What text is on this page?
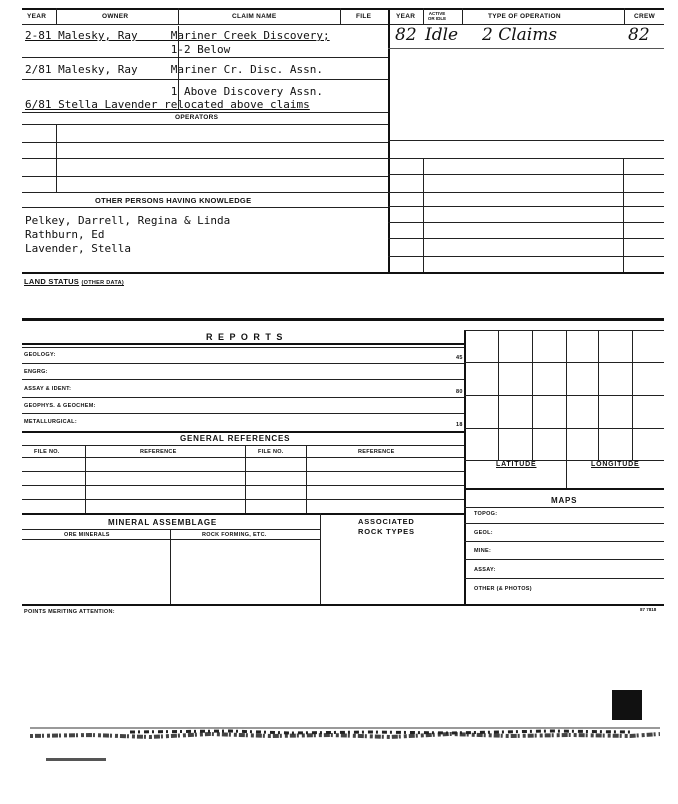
YEAR	OWNER	CLAIM NAME	FILE	YEAR	ACTIVE OR IDLE	TYPE OF OPERATION	CREW
2-81 Malesky, Ray     Mariner Creek Discovery;
1-2 Below
2/81 Malesky, Ray     Mariner Cr. Disc. Assn.
1 Above Discovery Assn.
6/81 Stella Lavender relocated above claims
82 Idle 2 Claims	82
OPERATORS
OTHER PERSONS HAVING KNOWLEDGE
Pelkey, Darrell, Regina & Linda
Rathburn, Ed
Lavender, Stella
LAND STATUS (OTHER DATA)
R E P O R T S
GEOLOGY:	45
ENGRG:
ASSAY & IDENT:	80
GEOPHYS. & GEOCHEM:
METALLURGICAL:	18
GENERAL REFERENCES
FILE NO.	REFERENCE	FILE NO.	REFERENCE
MINERAL ASSEMBLAGE	ASSOCIATED
ROCK TYPES
ORE MINERALS	ROCK FORMING, ETC.
LATITUDE	LONGITUDE
MAPS
TOPOG:
GEOL:
MINE:
ASSAY:
OTHER (& PHOTOS)
POINTS MERITING ATTENTION:	87 7818
